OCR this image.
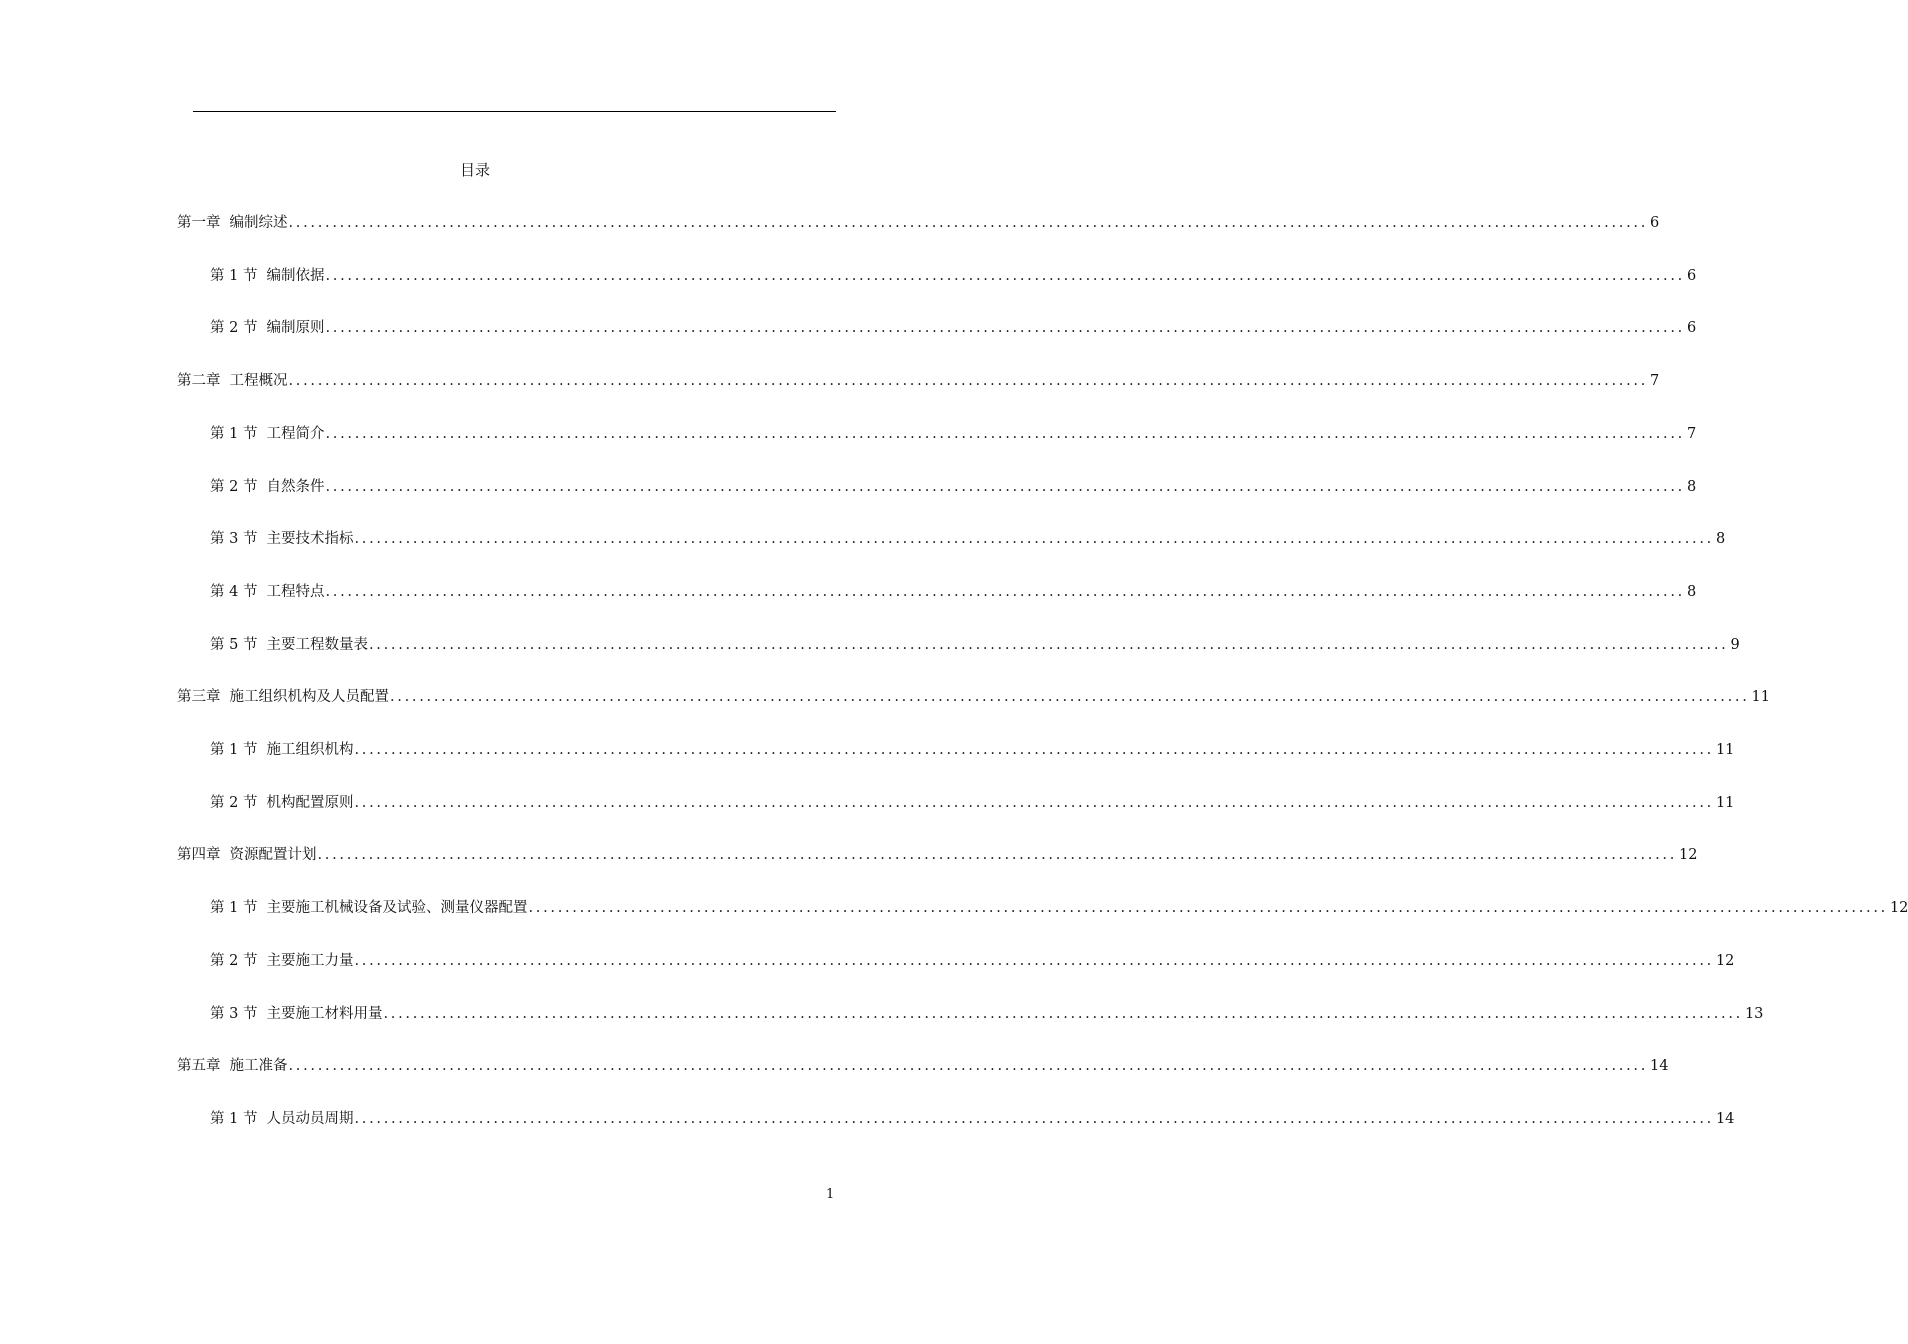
目录
第一章 编制综述 .......................................................................................................................................................................................... 6
第 1 节 编制依据 .......................................................................................................................................................................................... 6
第 2 节 编制原则 .......................................................................................................................................................................................... 6
第二章 工程概况 .......................................................................................................................................................................................... 7
第 1 节 工程简介 .......................................................................................................................................................................................... 7
第 2 节 自然条件 .......................................................................................................................................................................................... 8
第 3 节 主要技术指标 .......................................................................................................................................................................................... 8
第 4 节 工程特点 .......................................................................................................................................................................................... 8
第 5 节 主要工程数量表 .......................................................................................................................................................................................... 9
第三章 施工组织机构及人员配置 .......................................................................................................................................................................................... 11
第 1 节 施工组织机构 .......................................................................................................................................................................................... 11
第 2 节 机构配置原则 .......................................................................................................................................................................................... 11
第四章 资源配置计划 .......................................................................................................................................................................................... 12
第 1 节 主要施工机械设备及试验、测量仪器配置 .......................................................................................................................................................................................... 12
第 2 节 主要施工力量 .......................................................................................................................................................................................... 12
第 3 节 主要施工材料用量 .......................................................................................................................................................................................... 13
第五章 施工准备 .......................................................................................................................................................................................... 14
第 1 节 人员动员周期 .......................................................................................................................................................................................... 14
1
